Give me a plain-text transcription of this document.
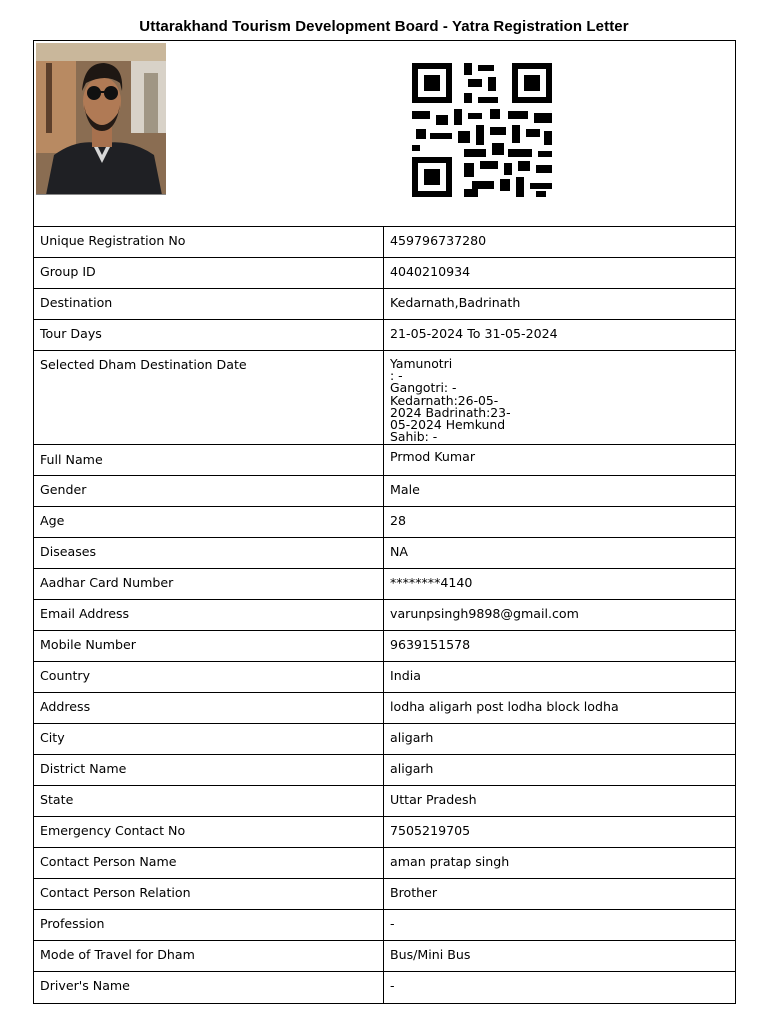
Uttarakhand Tourism Development Board - Yatra Registration Letter
Unique Registration No	459796737280
Group ID	4040210934
Destination	Kedarnath,Badrinath
Tour Days	21-05-2024 To 31-05-2024
Selected Dham Destination Date	Yamunotri
: -
Gangotri: -
Kedarnath:26-05-
2024 Badrinath:23-
05-2024 Hemkund
Sahib: -
Full Name	Prmod Kumar
Gender	Male
Age	28
Diseases	NA
Aadhar Card Number	********4140
Email Address	varunpsingh9898@gmail.com
Mobile Number	9639151578
Country	India
Address	lodha aligarh post lodha block lodha
City	aligarh
District Name	aligarh
State	Uttar Pradesh
Emergency Contact No	7505219705
Contact Person Name	aman pratap singh
Contact Person Relation	Brother
Profession	-
Mode of Travel for Dham	Bus/Mini Bus
Driver's Name	-
